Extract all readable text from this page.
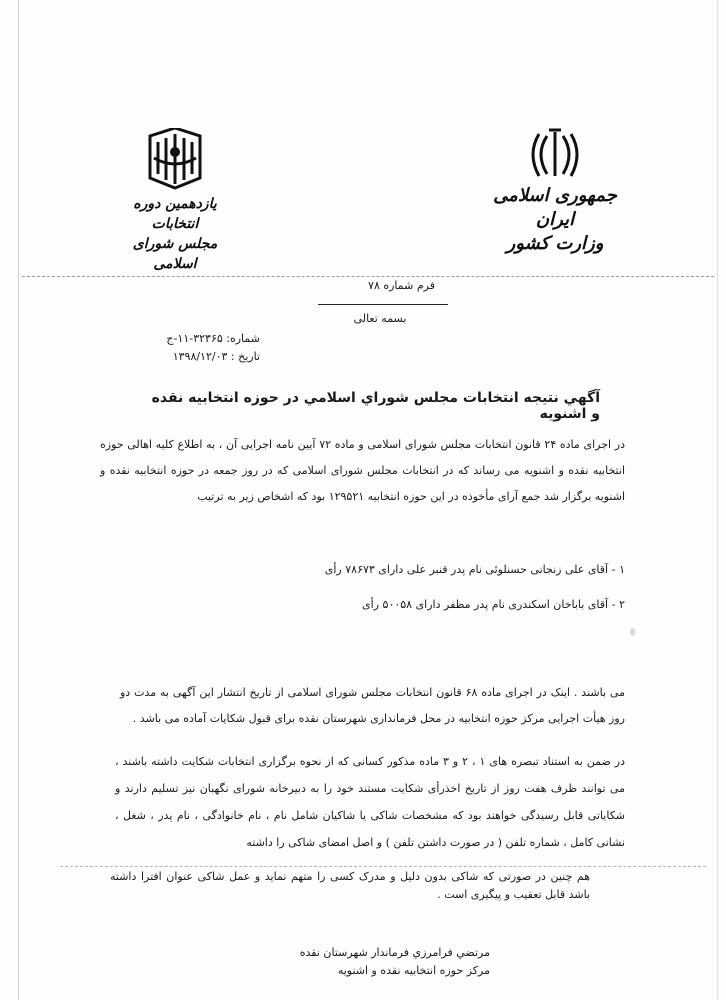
یازدهمین دوره انتخابات
مجلس شورای اسلامی
جمهوری اسلامی ایران
وزارت کشور
فرم شماره ۷۸
بسمه تعالی
شماره: ۳۲۳۶۵-۱۱-ج
تاریخ : ۱۳۹۸/۱۲/۰۳
آگهي نتيجه انتخابات مجلس شوراي اسلامي در حوزه انتخابيه نقده و اشنويه
در اجرای ماده ۲۴ قانون انتخابات مجلس شورای اسلامی و ماده ۷۲ آیین نامه اجرایی آن ، به اطلاع کلیه اهالی حوزه انتخابیه نقده و اشنویه می رساند که در انتخابات مجلس شورای اسلامی که در روز جمعه در حوزه انتخابیه نقده و اشنویه برگزار شد جمع آرای مأخوذه در این حوزه انتخابیه ۱۲۹۵۲۱ بود که اشخاص زیر به ترتیب
۱ - آقای علی زنجانی حسنلوئی نام پدر قنبر علی دارای ۷۸۶۷۳ رأی
۲ - آقای باباخان اسکندری نام پدر مظفر دارای ۵۰۰۵۸ رأی
می باشند . اینک در اجرای ماده ۶۸ قانون انتخابات مجلس شورای اسلامی از تاریخ انتشار این آگهی به مدت دو روز هیأت اجرایی مرکز حوزه انتخابیه در محل فرمانداری شهرستان نقده برای قبول شکایات آماده می باشد .
در ضمن به استناد تبصره های ۱ ، ۲ و ۳ ماده مذکور کسانی که از نحوه برگزاری انتخابات شکایت داشته باشند ، می توانند ظرف هفت روز از تاریخ اخذرأی شکایت مستند خود را به دبیرخانه شورای نگهبان نیز تسلیم دارند و شکایاتی قابل رسیدگی خواهند بود که مشخصات شاکی یا شاکیان شامل نام ، نام خانوادگی ، نام پدر ، شغل ، نشانی کامل ، شماره تلفن ( در صورت داشتن تلفن ) و اصل امضای شاکی را داشته
هم چنین در صورتی که شاکی بدون دلیل و مدرک کسی را متهم نماید و عمل شاکی عنوان افترا داشته باشد قابل تعقیب و پیگیری است .
مرتضي فرامرزي فرماندار شهرستان نقده
مركز حوزه انتخابيه نقده و اشنويه
